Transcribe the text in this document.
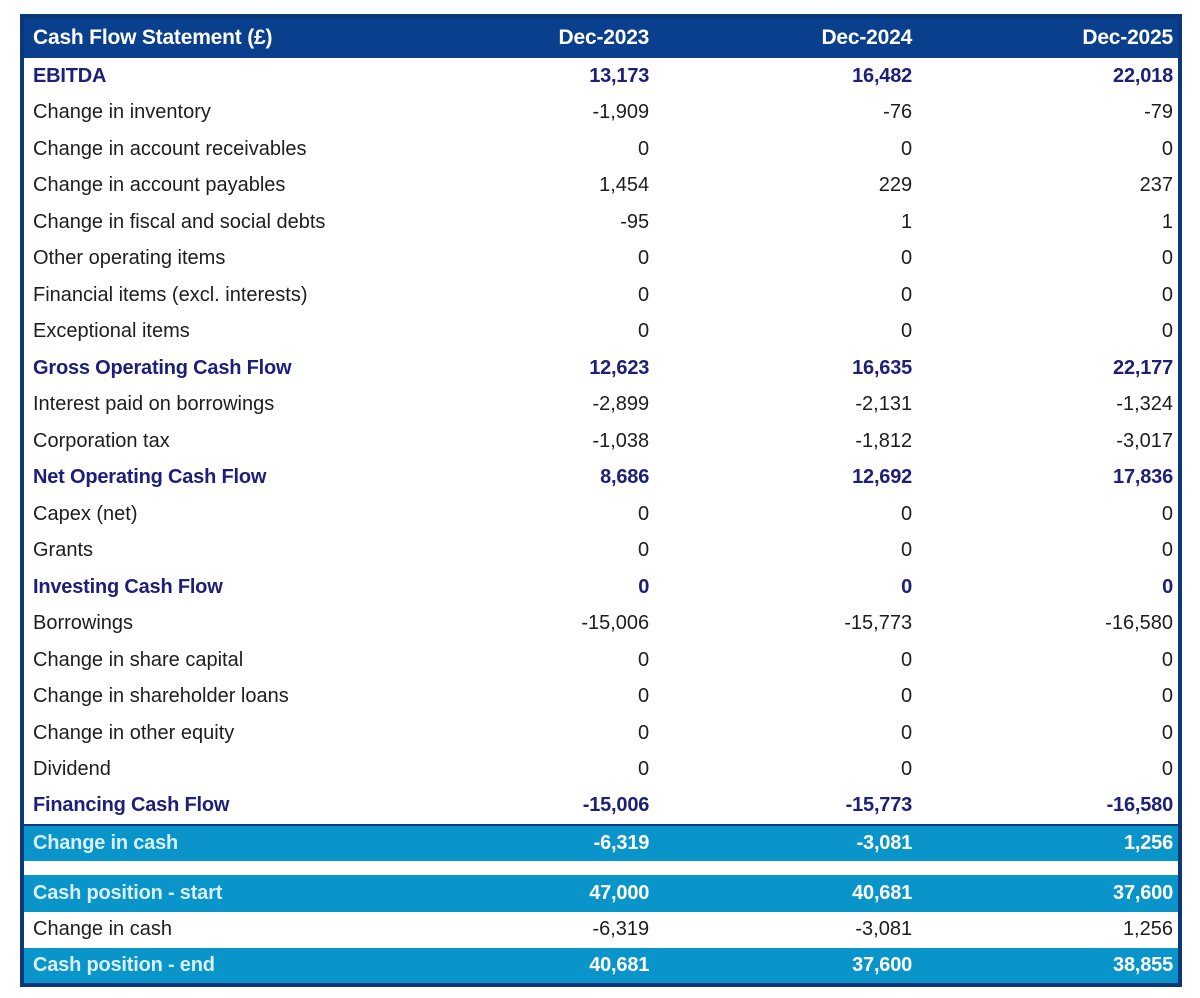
Cash Flow Statement (£)	Dec-2023	Dec-2024	Dec-2025
EBITDA	13,173	16,482	22,018
Change in inventory	-1,909	-76	-79
Change in account receivables	0	0	0
Change in account payables	1,454	229	237
Change in fiscal and social debts	-95	1	1
Other operating items	0	0	0
Financial items (excl. interests)	0	0	0
Exceptional items	0	0	0
Gross Operating Cash Flow	12,623	16,635	22,177
Interest paid on borrowings	-2,899	-2,131	-1,324
Corporation tax	-1,038	-1,812	-3,017
Net Operating Cash Flow	8,686	12,692	17,836
Capex (net)	0	0	0
Grants	0	0	0
Investing Cash Flow	0	0	0
Borrowings	-15,006	-15,773	-16,580
Change in share capital	0	0	0
Change in shareholder loans	0	0	0
Change in other equity	0	0	0
Dividend	0	0	0
Financing Cash Flow	-15,006	-15,773	-16,580
Change in cash	-6,319	-3,081	1,256

Cash position - start	47,000	40,681	37,600
Change in cash	-6,319	-3,081	1,256
Cash position - end	40,681	37,600	38,855
